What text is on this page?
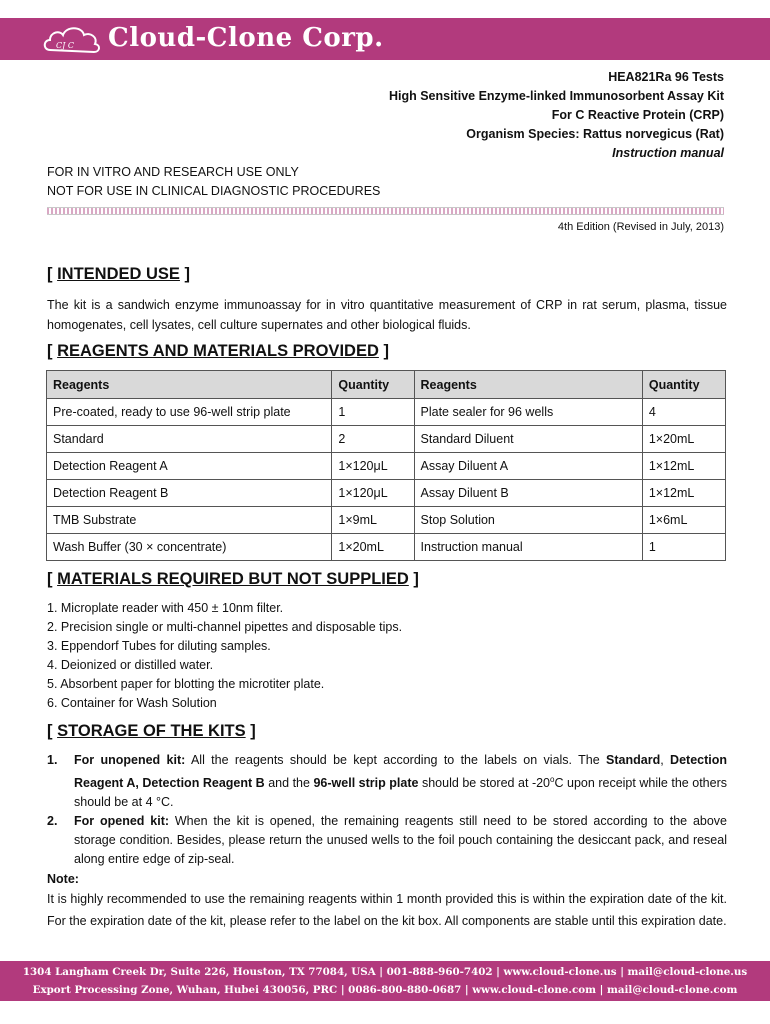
CJ C Cloud-Clone Corp.
HEA821Ra 96 Tests
High Sensitive Enzyme-linked Immunosorbent Assay Kit
For C Reactive Protein (CRP)
Organism Species: Rattus norvegicus (Rat)
Instruction manual
FOR IN VITRO AND RESEARCH USE ONLY
NOT FOR USE IN CLINICAL DIAGNOSTIC PROCEDURES
4th Edition (Revised in July, 2013)
[ INTENDED USE ]
The kit is a sandwich enzyme immunoassay for in vitro quantitative measurement of CRP in rat serum, plasma, tissue homogenates, cell lysates, cell culture supernates and other biological fluids.
[ REAGENTS AND MATERIALS PROVIDED ]
Reagents	Quantity	Reagents	Quantity
Pre-coated, ready to use 96-well strip plate	1	Plate sealer for 96 wells	4
Standard	2	Standard Diluent	1×20mL
Detection Reagent A	1×120μL	Assay Diluent A	1×12mL
Detection Reagent B	1×120μL	Assay Diluent B	1×12mL
TMB Substrate	1×9mL	Stop Solution	1×6mL
Wash Buffer (30 × concentrate)	1×20mL	Instruction manual	1
[ MATERIALS REQUIRED BUT NOT SUPPLIED ]
1. Microplate reader with 450 ± 10nm filter.
2. Precision single or multi-channel pipettes and disposable tips.
3. Eppendorf Tubes for diluting samples.
4. Deionized or distilled water.
5. Absorbent paper for blotting the microtiter plate.
6. Container for Wash Solution
[ STORAGE OF THE KITS ]
1.	For unopened kit: All the reagents should be kept according to the labels on vials. The Standard, Detection Reagent A, Detection Reagent B and the 96-well strip plate should be stored at -20$^o$C upon receipt while the others should be at 4 °C.
2.	For opened kit: When the kit is opened, the remaining reagents still need to be stored according to the above storage condition. Besides, please return the unused wells to the foil pouch containing the desiccant pack, and reseal along entire edge of zip-seal.
Note:
It is highly recommended to use the remaining reagents within 1 month provided this is within the expiration date of the kit. For the expiration date of the kit, please refer to the label on the kit box. All components are stable until this expiration date.
1304 Langham Creek Dr, Suite 226, Houston, TX 77084, USA | 001-888-960-7402 | www.cloud-clone.us | mail@cloud-clone.us
Export Processing Zone, Wuhan, Hubei 430056, PRC | 0086-800-880-0687 | www.cloud-clone.com | mail@cloud-clone.com
